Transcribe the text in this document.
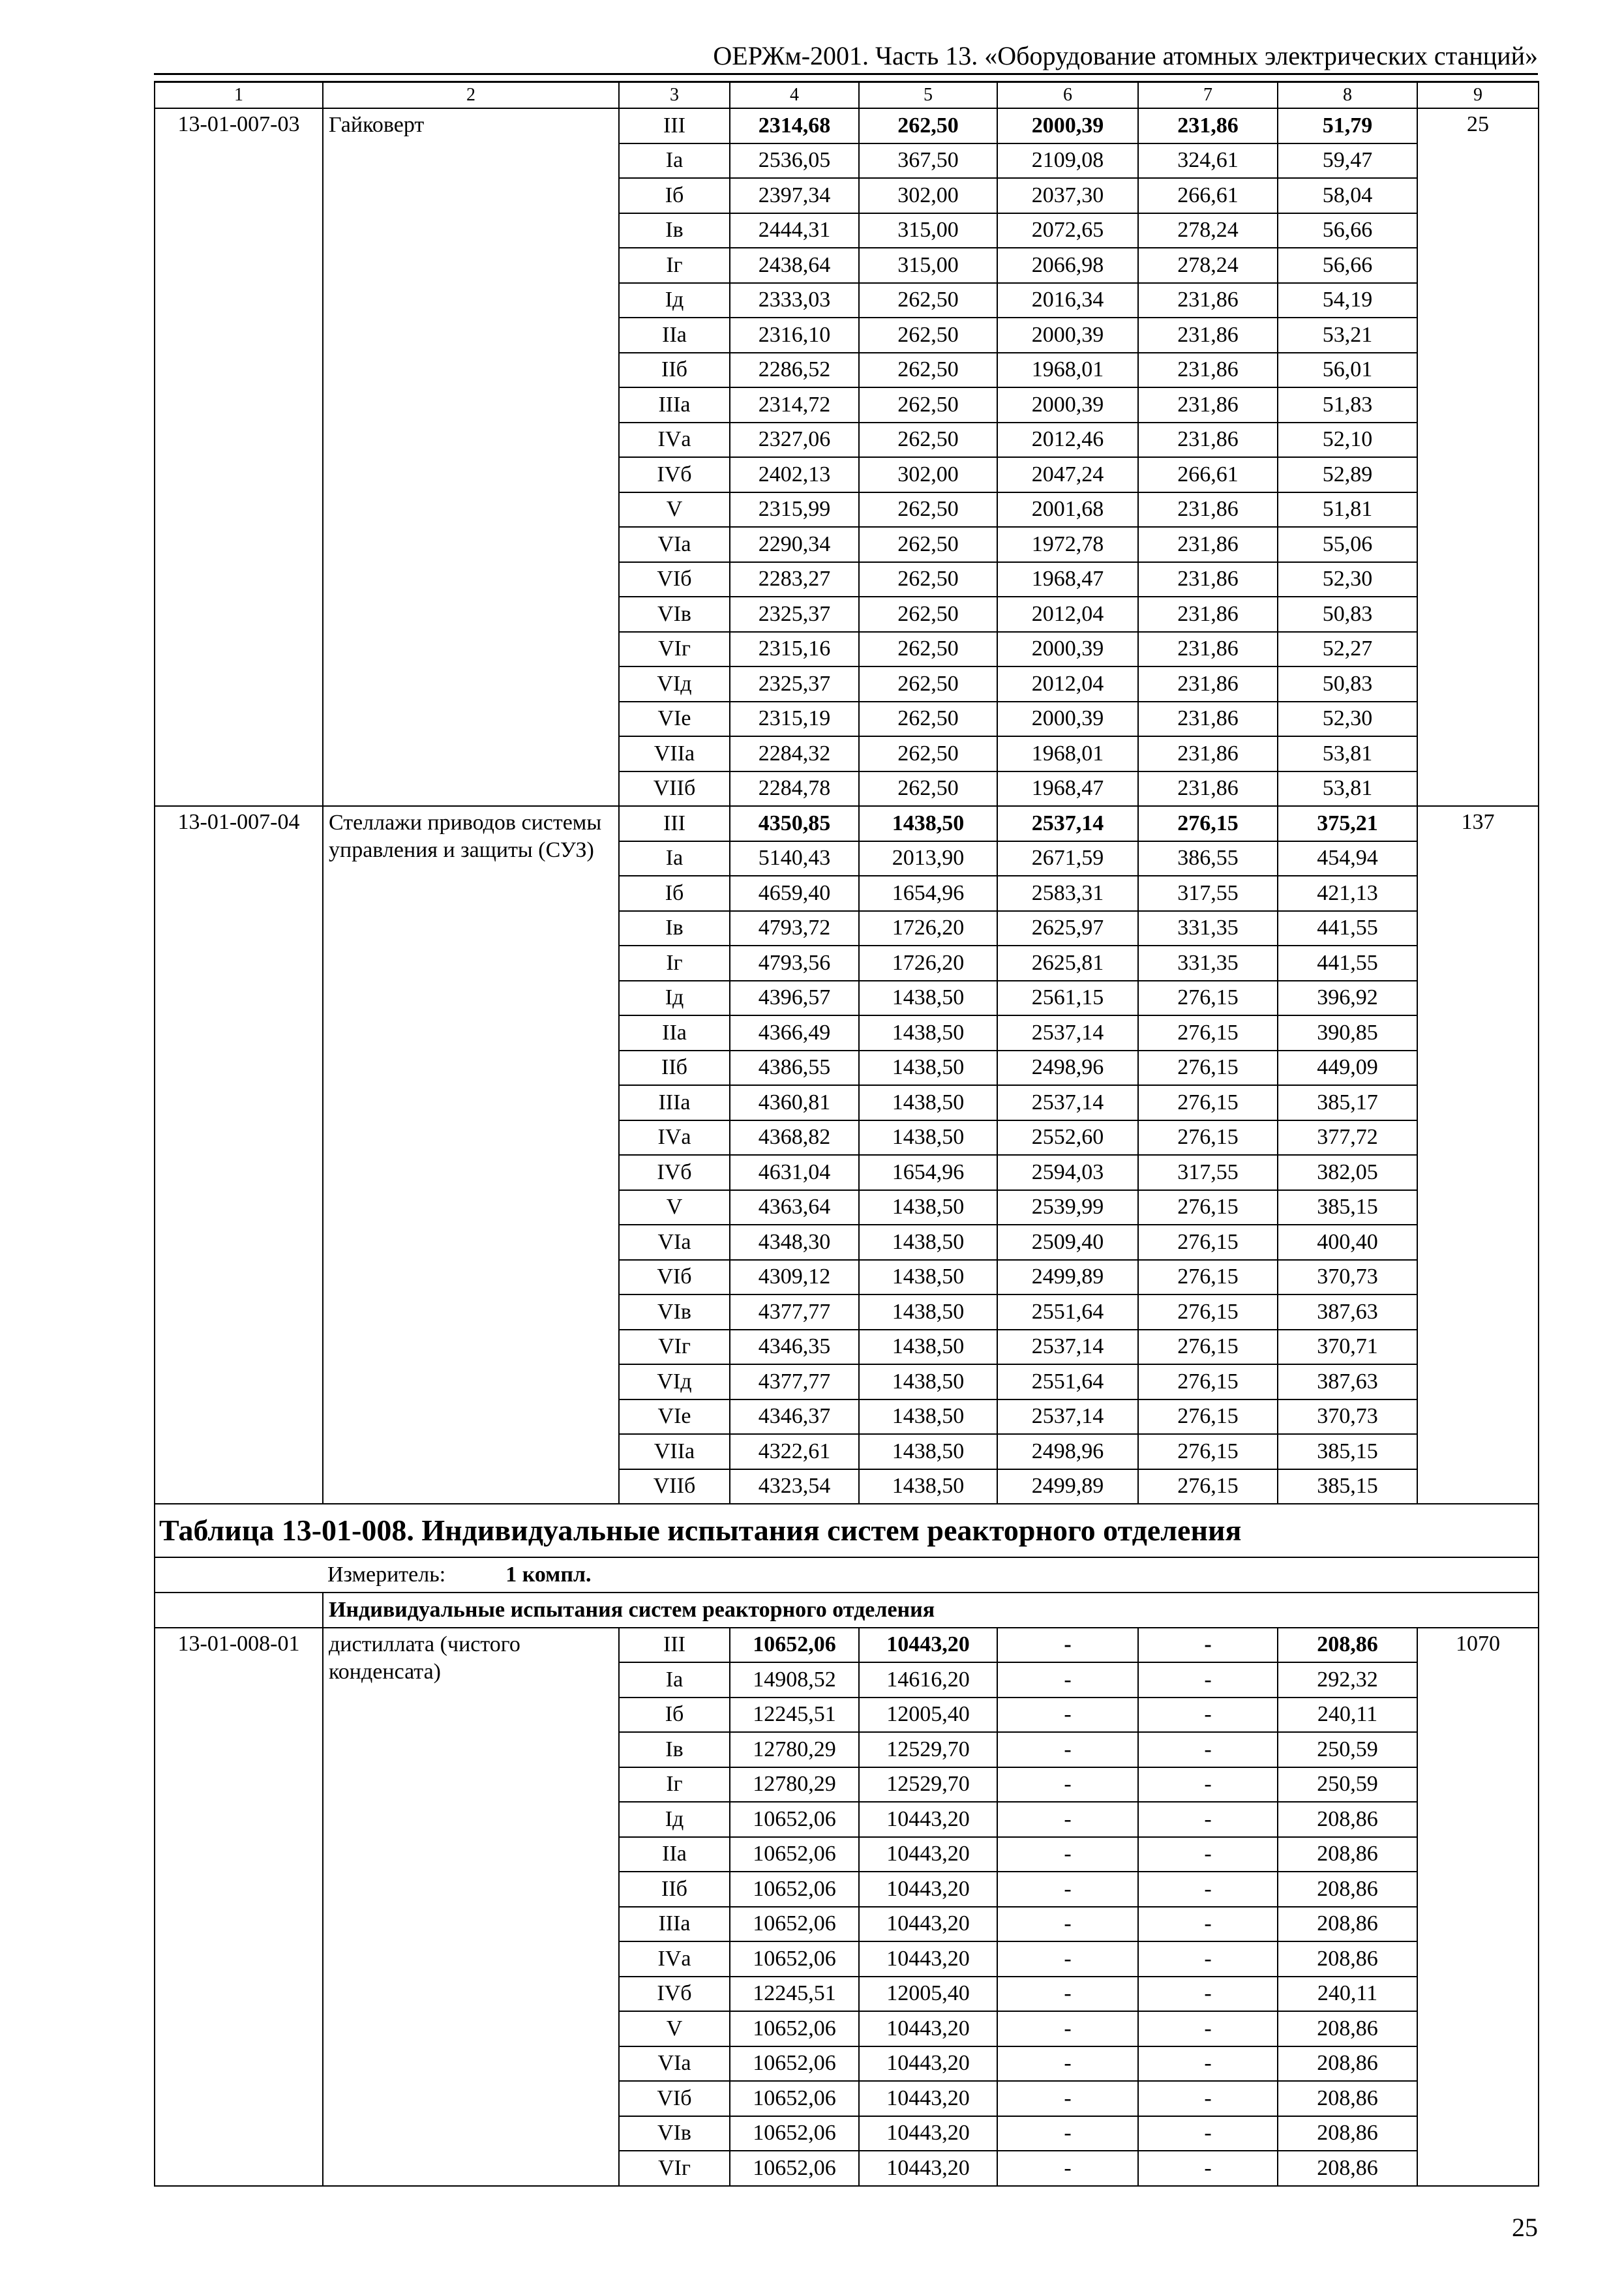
ОЕРЖм-2001. Часть 13. «Оборудование атомных электрических станций»
1	2	3	4	5	6	7	8	9
13-01-007-03	Гайковерт	III	2314,68	262,50	2000,39	231,86	51,79	25
		Iа	2536,05	367,50	2109,08	324,61	59,47	
		Iб	2397,34	302,00	2037,30	266,61	58,04	
		Iв	2444,31	315,00	2072,65	278,24	56,66	
		Iг	2438,64	315,00	2066,98	278,24	56,66	
		Iд	2333,03	262,50	2016,34	231,86	54,19	
		IIа	2316,10	262,50	2000,39	231,86	53,21	
		IIб	2286,52	262,50	1968,01	231,86	56,01	
		IIIа	2314,72	262,50	2000,39	231,86	51,83	
		IVа	2327,06	262,50	2012,46	231,86	52,10	
		IVб	2402,13	302,00	2047,24	266,61	52,89	
		V	2315,99	262,50	2001,68	231,86	51,81	
		VIа	2290,34	262,50	1972,78	231,86	55,06	
		VIб	2283,27	262,50	1968,47	231,86	52,30	
		VIв	2325,37	262,50	2012,04	231,86	50,83	
		VIг	2315,16	262,50	2000,39	231,86	52,27	
		VIд	2325,37	262,50	2012,04	231,86	50,83	
		VIе	2315,19	262,50	2000,39	231,86	52,30	
		VIIа	2284,32	262,50	1968,01	231,86	53,81	
		VIIб	2284,78	262,50	1968,47	231,86	53,81	
13-01-007-04	Стеллажи приводов системы управления и защиты (СУЗ)	III	4350,85	1438,50	2537,14	276,15	375,21	137
		Iа	5140,43	2013,90	2671,59	386,55	454,94	
		Iб	4659,40	1654,96	2583,31	317,55	421,13	
		Iв	4793,72	1726,20	2625,97	331,35	441,55	
		Iг	4793,56	1726,20	2625,81	331,35	441,55	
		Iд	4396,57	1438,50	2561,15	276,15	396,92	
		IIа	4366,49	1438,50	2537,14	276,15	390,85	
		IIб	4386,55	1438,50	2498,96	276,15	449,09	
		IIIа	4360,81	1438,50	2537,14	276,15	385,17	
		IVа	4368,82	1438,50	2552,60	276,15	377,72	
		IVб	4631,04	1654,96	2594,03	317,55	382,05	
		V	4363,64	1438,50	2539,99	276,15	385,15	
		VIа	4348,30	1438,50	2509,40	276,15	400,40	
		VIб	4309,12	1438,50	2499,89	276,15	370,73	
		VIв	4377,77	1438,50	2551,64	276,15	387,63	
		VIг	4346,35	1438,50	2537,14	276,15	370,71	
		VIд	4377,77	1438,50	2551,64	276,15	387,63	
		VIе	4346,37	1438,50	2537,14	276,15	370,73	
		VIIа	4322,61	1438,50	2498,96	276,15	385,15	
		VIIб	4323,54	1438,50	2499,89	276,15	385,15	
Таблица 13-01-008. Индивидуальные испытания систем реакторного отделения								
Измеритель: 1 компл.								
	Индивидуальные испытания систем реакторного отделения							
13-01-008-01	дистиллата (чистого конденсата)	III	10652,06	10443,20	-	-	208,86	1070
		Iа	14908,52	14616,20	-	-	292,32	
		Iб	12245,51	12005,40	-	-	240,11	
		Iв	12780,29	12529,70	-	-	250,59	
		Iг	12780,29	12529,70	-	-	250,59	
		Iд	10652,06	10443,20	-	-	208,86	
		IIа	10652,06	10443,20	-	-	208,86	
		IIб	10652,06	10443,20	-	-	208,86	
		IIIа	10652,06	10443,20	-	-	208,86	
		IVа	10652,06	10443,20	-	-	208,86	
		IVб	12245,51	12005,40	-	-	240,11	
		V	10652,06	10443,20	-	-	208,86	
		VIа	10652,06	10443,20	-	-	208,86	
		VIб	10652,06	10443,20	-	-	208,86	
		VIв	10652,06	10443,20	-	-	208,86	
		VIг	10652,06	10443,20	-	-	208,86	
25
